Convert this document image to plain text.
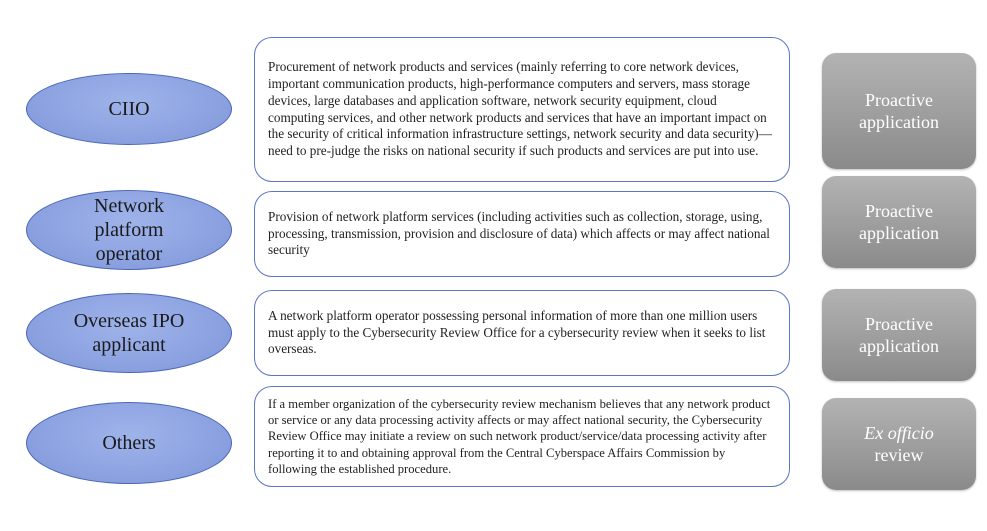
CIIO
Procurement of network products and services (mainly referring to core network devices, important communication products, high-performance computers and servers, mass storage devices, large databases and application software, network security equipment, cloud computing services, and other network products and services that have an important impact on the security of critical information infrastructure settings, network security and data security)—need to pre-judge the risks on national security if such products and services are put into use.
Proactive
application
Network
platform
operator
Provision of network platform services (including activities such as collection, storage, using, processing, transmission, provision and disclosure of data) which affects or may affect national security
Proactive
application
Overseas IPO
applicant
A network platform operator possessing personal information of more than one million users must apply to the Cybersecurity Review Office for a cybersecurity review when it seeks to list overseas.
Proactive
application
Others
If a member organization of the cybersecurity review mechanism believes that any network product or service or any data processing activity affects or may affect national security, the Cybersecurity Review Office may initiate a review on such network product/service/data processing activity after reporting it to and obtaining approval from the Central Cyberspace Affairs Commission by following the established procedure.
Ex officio
review
